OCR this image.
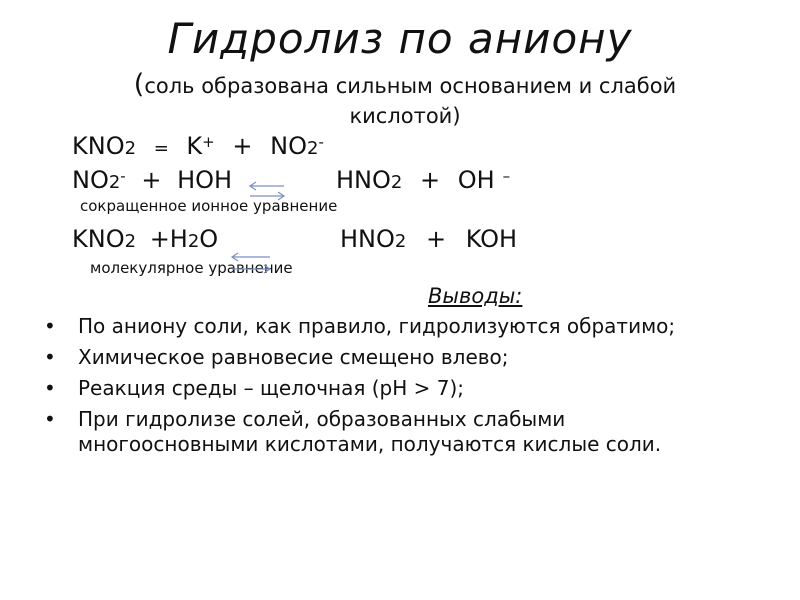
Гидролиз по аниону
(соль образована сильным основанием и слабой кислотой)
KNO2 = K+ + NO2-
NO2- + HOH	HNO2 + OH –
сокращенное ионное уравнение
KNO2 +H2O	HNO2 + KOH
молекулярное уравнение
Выводы:
• По аниону соли, как правило, гидролизуются обратимо;
• Химическое равновесие смещено влево;
• Реакция среды – щелочная (pH > 7);
• При гидролизе солей, образованных слабыми многоосновными кислотами, получаются кислые соли.
